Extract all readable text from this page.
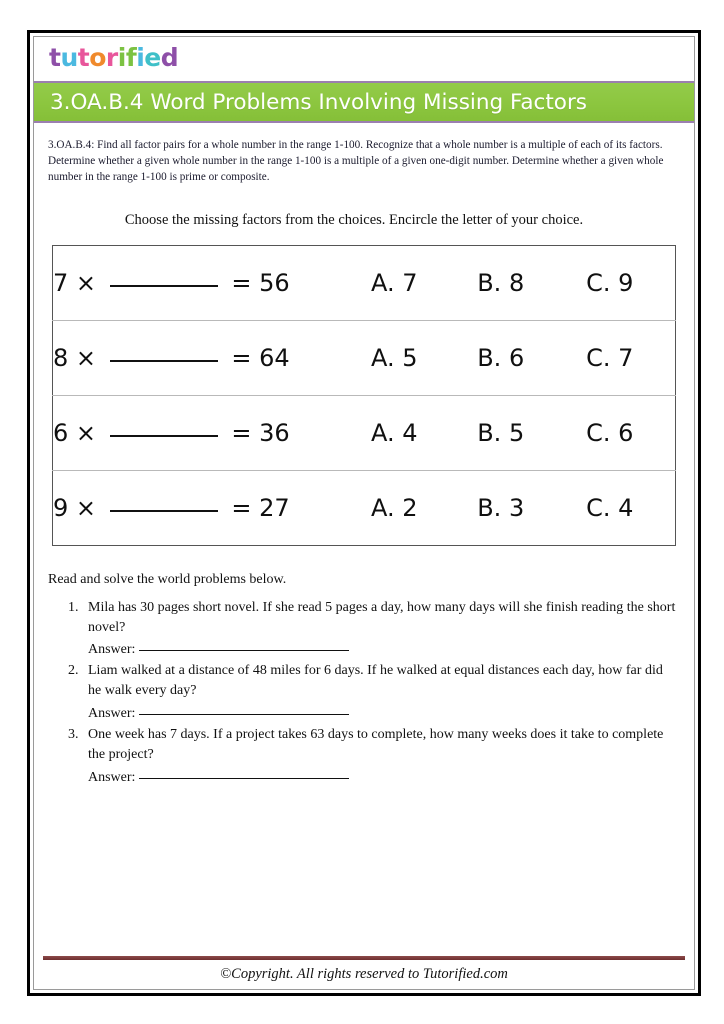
tutorified
3.OA.B.4 Word Problems Involving Missing Factors
3.OA.B.4: Find all factor pairs for a whole number in the range 1-100. Recognize that a whole number is a multiple of each of its factors. Determine whether a given whole number in the range 1-100 is a multiple of a given one-digit number. Determine whether a given whole number in the range 1-100 is prime or composite.
Choose the missing factors from the choices. Encircle the letter of your choice.
7 × = 56	A. 7	B. 8	C. 9
8 × = 64	A. 5	B. 6	C. 7
6 × = 36	A. 4	B. 5	C. 6
9 × = 27	A. 2	B. 3	C. 4
Read and solve the world problems below.
1. Mila has 30 pages short novel. If she read 5 pages a day, how many days will she finish reading the short novel?
Answer:
2. Liam walked at a distance of 48 miles for 6 days. If he walked at equal distances each day, how far did he walk every day?
Answer:
3. One week has 7 days. If a project takes 63 days to complete, how many weeks does it take to complete the project?
Answer:
©Copyright. All rights reserved to Tutorified.com
